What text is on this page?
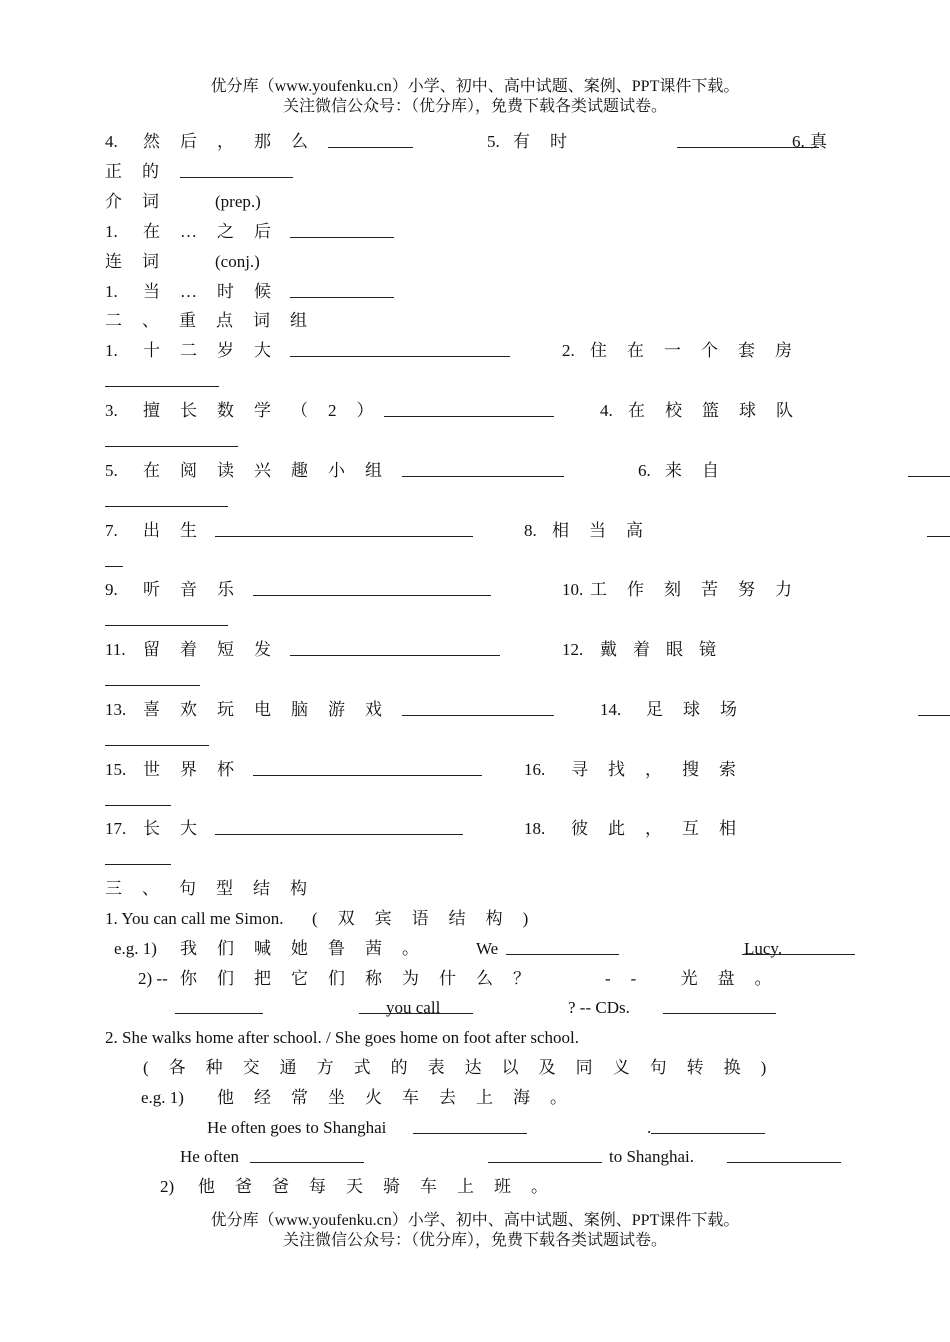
优分库（www.youfenku.cn）小学、初中、高中试题、案例、PPT课件下载。
关注微信公众号：（优分库），免费下载各类试题试卷。
4. 然后，那么
	5. 有时	6. 真
正的
介词 (prep.)
1. 在…之后
连词 (conj.)
1. 当…时候
二、重点词组
1. 十二岁大
	2. 住在一个套房
3. 擅长数学（2）
	4. 在校篮球队
5. 在阅读兴趣小组
	6. 来自
7. 出生
	8. 相当高
9. 听音乐
	10. 工作刻苦努力
11. 留着短发
	12. 戴着眼镜
13. 喜欢玩电脑游戏
	14. 足球场
15. 世界杯
	16. 寻找，搜索
17. 长大
	18. 彼此，互相
三、句型结构
1. You can call me Simon. (双宾语结构)
e.g. 1) 我们喊她鲁茜。 We
	Lucy.
2) -- 你们把它们称为什么？	-- 光盘。

you call	? -- CDs.
2. She walks home after school. / She goes home on foot after school.
(各种交通方式的表达以及同义句转换)
e.g. 1) 他经常坐火车去上海。
He often goes to Shanghai
	.
He often
	to Shanghai.
2) 他爸爸每天骑车上班。
优分库（www.youfenku.cn）小学、初中、高中试题、案例、PPT课件下载。
关注微信公众号：（优分库），免费下载各类试题试卷。
